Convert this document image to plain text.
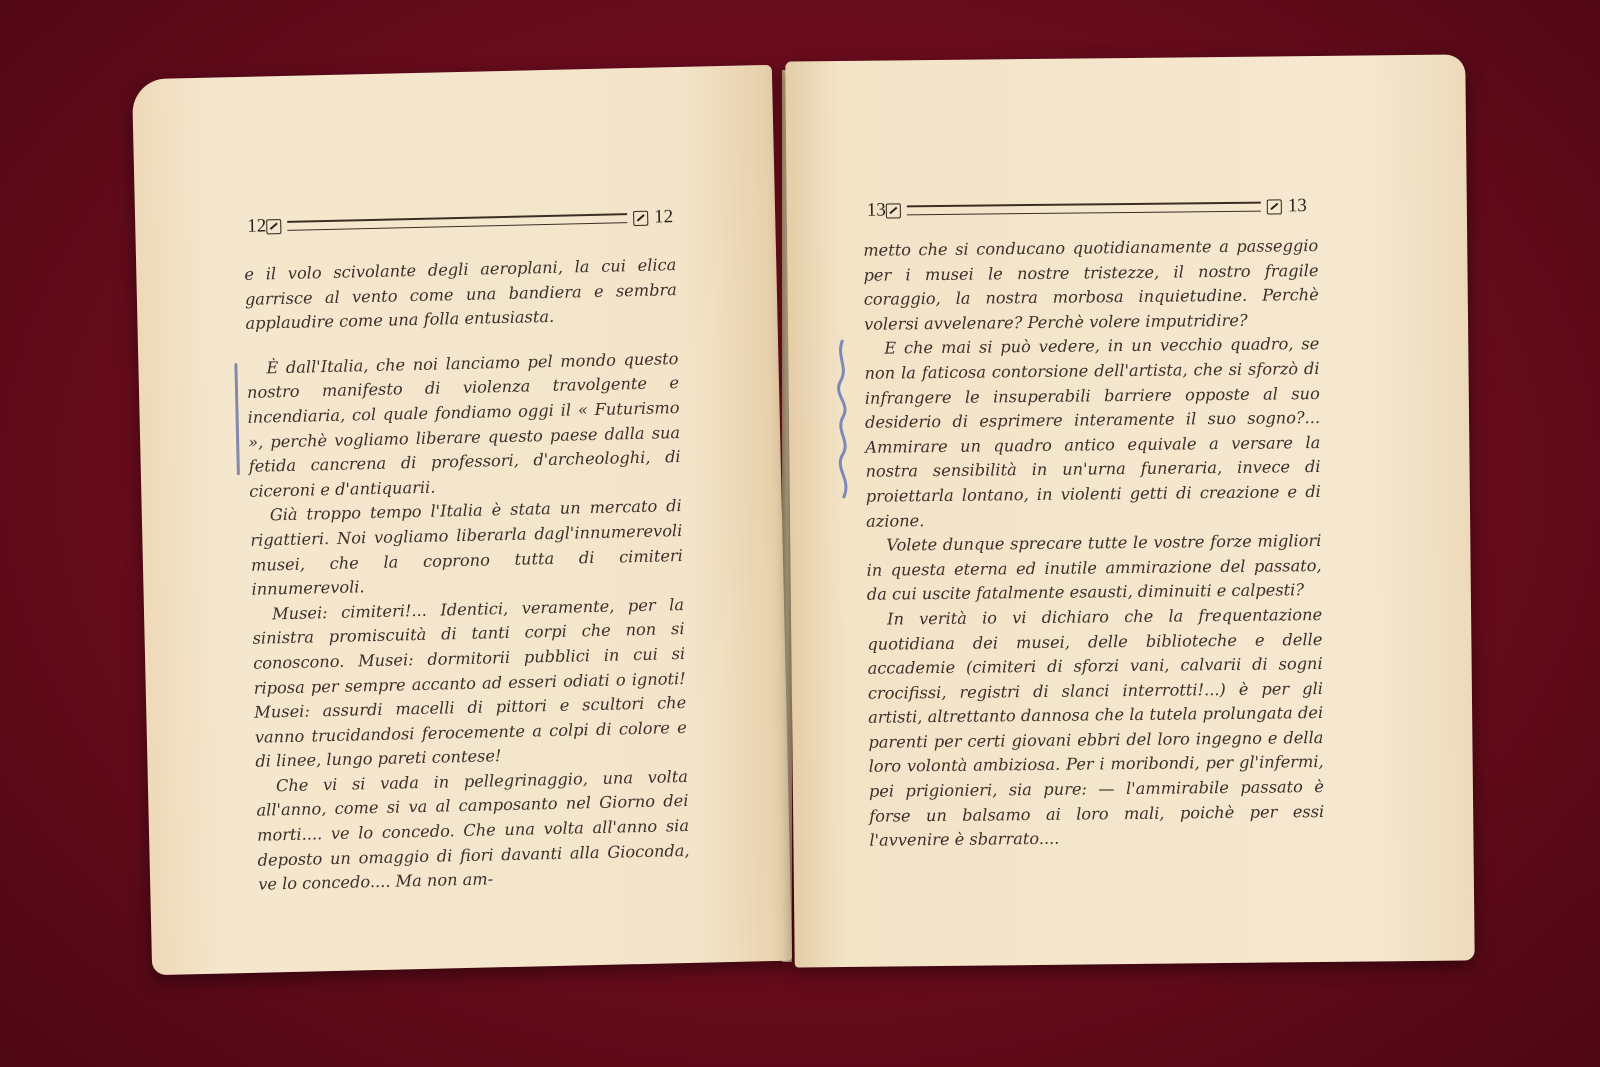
12	12

e il volo scivolante degli aeroplani, la cui elica garrisce al vento come una bandiera e sembra applaudire come una folla entusiasta.

È dall'Italia, che noi lanciamo pel mondo questo nostro manifesto di violenza travolgente e incendiaria, col quale fondiamo oggi il « Futurismo », perchè vogliamo liberare questo paese dalla sua fetida cancrena di professori, d'archeologhi, di ciceroni e d'antiquarii.

Già troppo tempo l'Italia è stata un mercato di rigattieri. Noi vogliamo liberarla dagl'innumerevoli musei, che la coprono tutta di cimiteri innumerevoli.

Musei: cimiteri!... Identici, veramente, per la sinistra promiscuità di tanti corpi che non si conoscono. Musei: dormitorii pubblici in cui si riposa per sempre accanto ad esseri odiati o ignoti! Musei: assurdi macelli di pittori e scultori che vanno trucidandosi ferocemente a colpi di colore e di linee, lungo pareti contese!

Che vi si vada in pellegrinaggio, una volta all'anno, come si va al camposanto nel Giorno dei morti.... ve lo concedo. Che una volta all'anno sia deposto un omaggio di fiori davanti alla Gioconda, ve lo concedo.... Ma non am-

13	13

metto che si conducano quotidianamente a passeggio per i musei le nostre tristezze, il nostro fragile coraggio, la nostra morbosa inquietudine. Perchè volersi avvelenare? Perchè volere imputridire?

E che mai si può vedere, in un vecchio quadro, se non la faticosa contorsione dell'artista, che si sforzò di infrangere le insuperabili barriere opposte al suo desiderio di esprimere interamente il suo sogno?... Ammirare un quadro antico equivale a versare la nostra sensibilità in un'urna funeraria, invece di proiettarla lontano, in violenti getti di creazione e di azione.

Volete dunque sprecare tutte le vostre forze migliori in questa eterna ed inutile ammirazione del passato, da cui uscite fatalmente esausti, diminuiti e calpesti?

In verità io vi dichiaro che la frequentazione quotidiana dei musei, delle biblioteche e delle accademie (cimiteri di sforzi vani, calvarii di sogni crocifissi, registri di slanci interrotti!...) è per gli artisti, altrettanto dannosa che la tutela prolungata dei parenti per certi giovani ebbri del loro ingegno e della loro volontà ambiziosa. Per i moribondi, per gl'infermi, pei prigionieri, sia pure: — l'ammirabile passato è forse un balsamo ai loro mali, poichè per essi l'avvenire è sbarrato....
